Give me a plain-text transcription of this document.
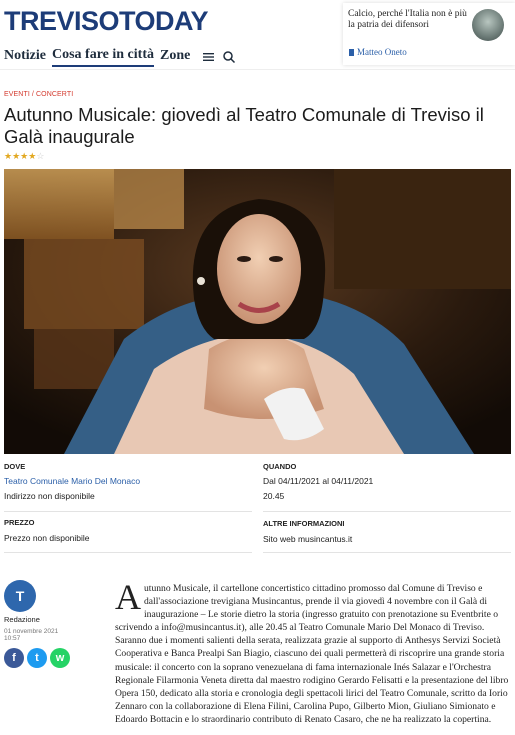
TREVISOTODAY
Notizie Cosa fare in città Zone
Calcio, perché l'Italia non è più la patria dei difensori
Matteo Oneto
EVENTI / CONCERTI
Autunno Musicale: giovedì al Teatro Comunale di Treviso il Galà inaugurale
★★★★☆
DOVE
Teatro Comunale Mario Del Monaco
Indirizzo non disponibile
QUANDO
Dal 04/11/2021 al 04/11/2021
20.45
PREZZO
Prezzo non disponibile
ALTRE INFORMAZIONI
Sito web musincantus.it
T
Redazione
01 novembre 2021 10:57
f	t	w
Autunno Musicale, il cartellone concertistico cittadino promosso dal Comune di Treviso e dall'associazione trevigiana Musincantus, prende il via giovedì 4 novembre con il Galà di inaugurazione – Le storie dietro la storia (ingresso gratuito con prenotazione su Eventbrite o scrivendo a info@musincantus.it), alle 20.45 al Teatro Comunale Mario Del Monaco di Treviso. Saranno due i momenti salienti della serata, realizzata grazie al supporto di Anthesys Servizi Società Cooperativa e Banca Prealpi San Biagio, ciascuno dei quali permetterà di riscoprire una grande storia musicale: il concerto con la soprano venezuelana di fama internazionale Inés Salazar e l'Orchestra Regionale Filarmonia Veneta diretta dal maestro rodigino Gerardo Felisatti e la presentazione del libro Opera 150, dedicato alla storia e cronologia degli spettacoli lirici del Teatro Comunale, scritto da Iorio Zennaro con la collaborazione di Elena Filini, Carolina Pupo, Gilberto Mion, Giuliano Simionato e Edoardo Bottacin e lo straordinario contributo di Renato Casaro, che ne ha realizzato la copertina.
